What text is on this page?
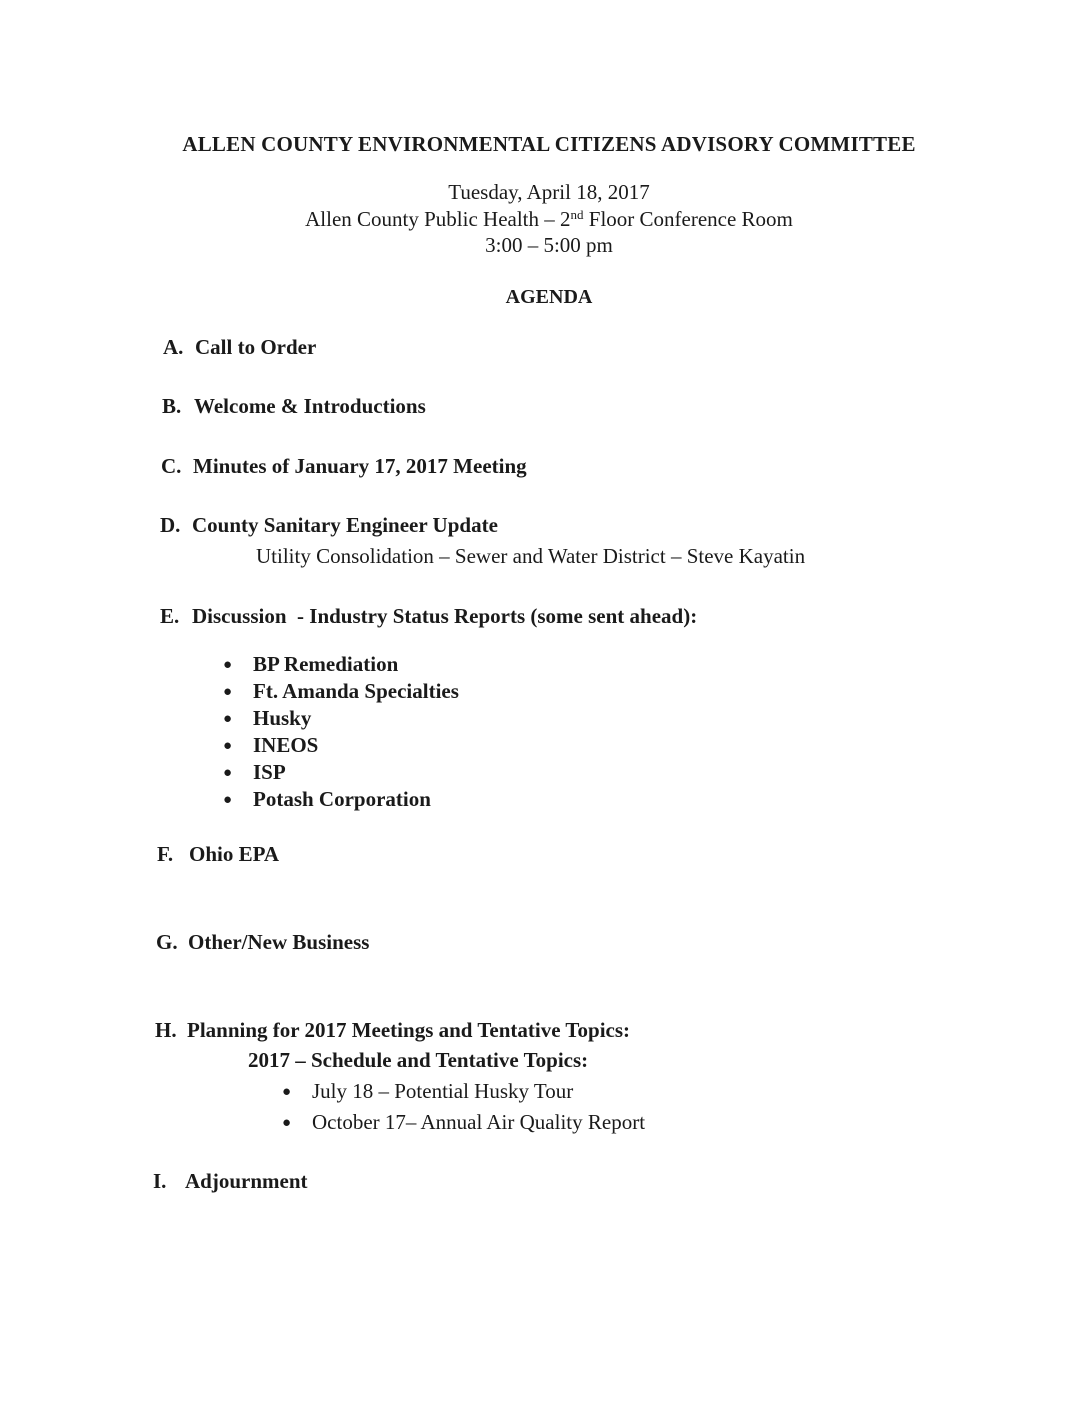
ALLEN COUNTY ENVIRONMENTAL CITIZENS ADVISORY COMMITTEE
Tuesday, April 18, 2017
Allen County Public Health – 2nd Floor Conference Room
3:00 – 5:00 pm
AGENDA
A. Call to Order
B. Welcome & Introductions
C. Minutes of January 17, 2017 Meeting
D. County Sanitary Engineer Update
Utility Consolidation – Sewer and Water District – Steve Kayatin
E. Discussion  - Industry Status Reports (some sent ahead):
● BP Remediation
● Ft. Amanda Specialties
● Husky
● INEOS
● ISP
● Potash Corporation
F. Ohio EPA
G. Other/New Business
H. Planning for 2017 Meetings and Tentative Topics:
2017 – Schedule and Tentative Topics:
● July 18 – Potential Husky Tour
● October 17– Annual Air Quality Report
I. Adjournment
